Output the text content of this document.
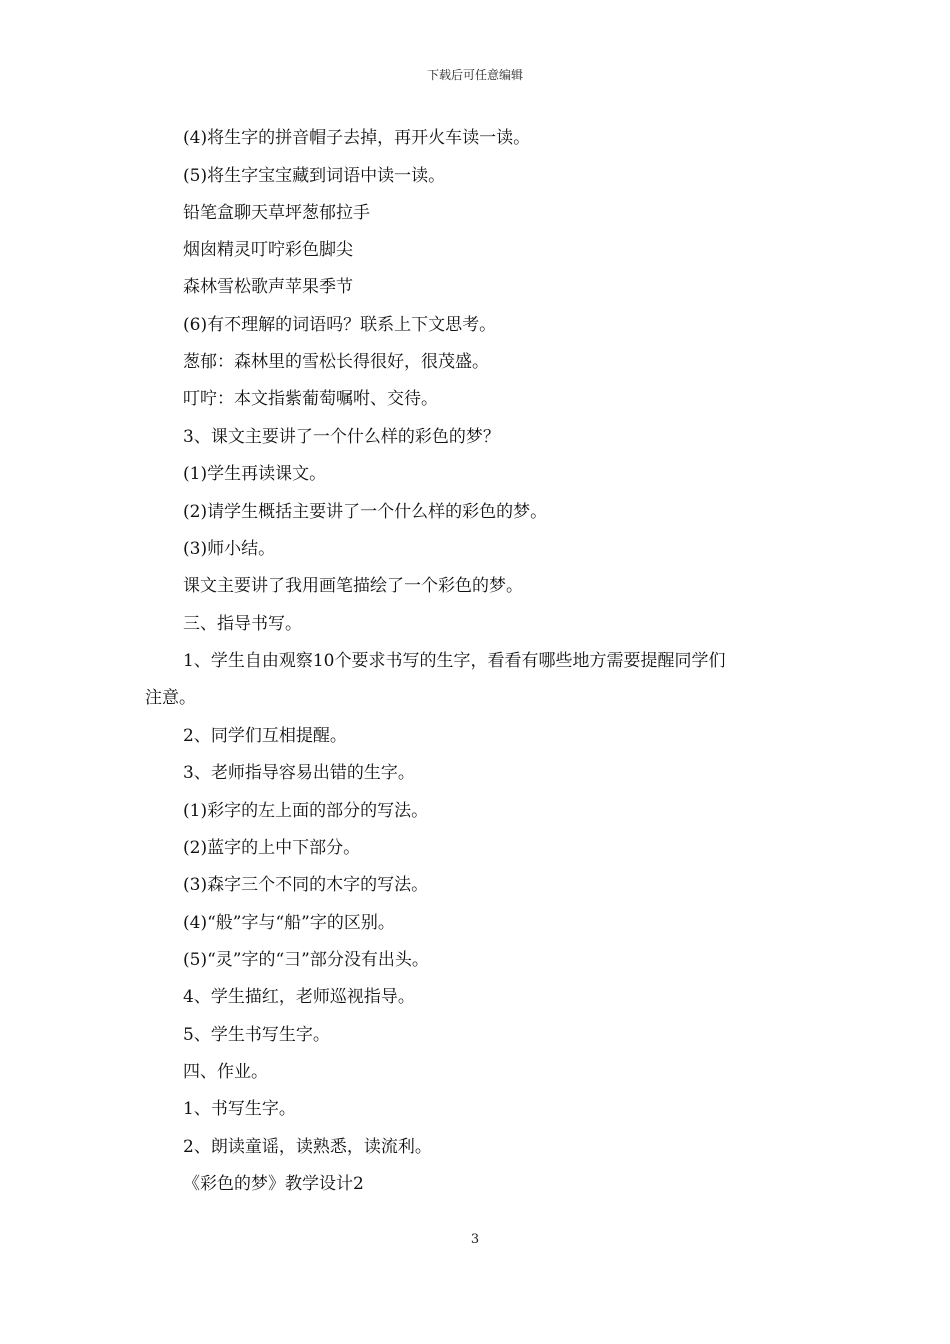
下载后可任意编辑
(4)将生字的拼音帽子去掉，再开火车读一读。
(5)将生字宝宝藏到词语中读一读。
铅笔盒聊天草坪葱郁拉手
烟囱精灵叮咛彩色脚尖
森林雪松歌声苹果季节
(6)有不理解的词语吗？联系上下文思考。
葱郁：森林里的雪松长得很好，很茂盛。
叮咛：本文指紫葡萄嘱咐、交待。
3、课文主要讲了一个什么样的彩色的梦？
(1)学生再读课文。
(2)请学生概括主要讲了一个什么样的彩色的梦。
(3)师小结。
课文主要讲了我用画笔描绘了一个彩色的梦。
三、指导书写。
1、学生自由观察10个要求书写的生字，看看有哪些地方需要提醒同学们
注意。
2、同学们互相提醒。
3、老师指导容易出错的生字。
(1)彩字的左上面的部分的写法。
(2)蓝字的上中下部分。
(3)森字三个不同的木字的写法。
(4)“般”字与“船”字的区别。
(5)“灵”字的“彐”部分没有出头。
4、学生描红，老师巡视指导。
5、学生书写生字。
四、作业。
1、书写生字。
2、朗读童谣，读熟悉，读流利。
《彩色的梦》教学设计2
3
